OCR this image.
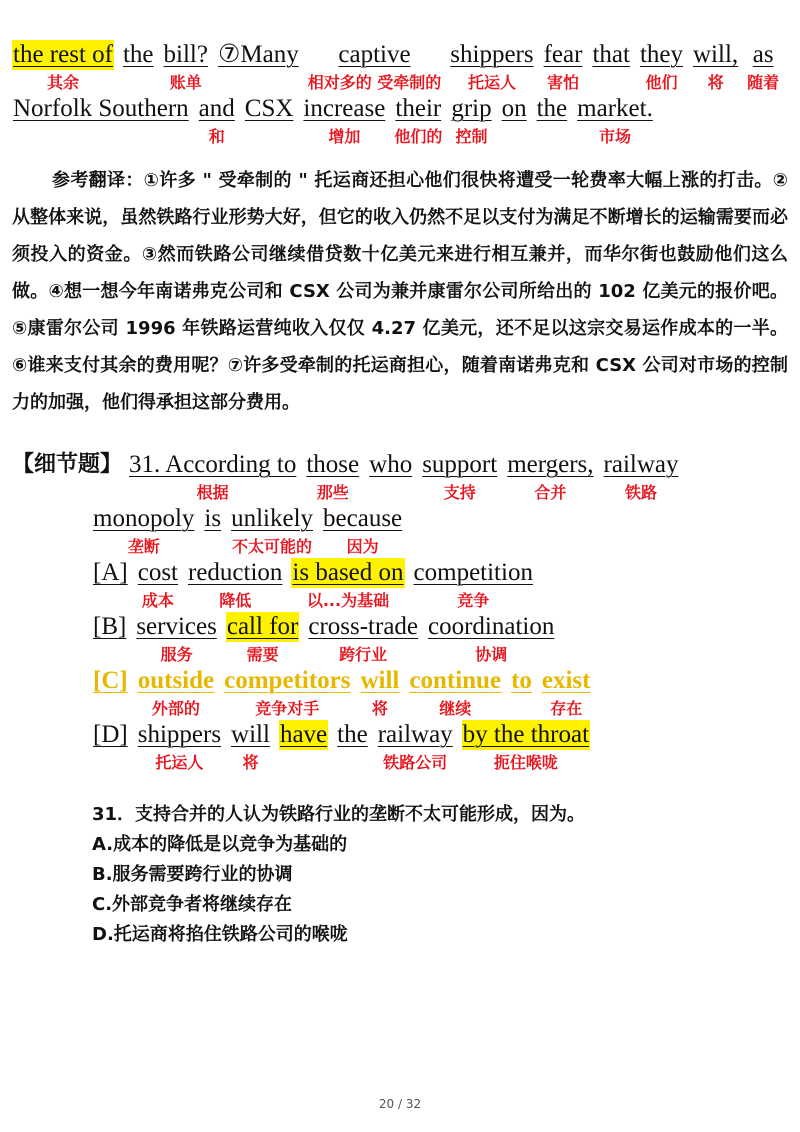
the rest of
其余
the bill?
账单
⑦Many captive
相对多的 受牵制的
shippers
托运人
fear
害怕
that they
他们
will,
将
as
随着
Norfolk Southern and
和
CSX increase
增加
their
他们的
grip
控制
on the market.
市场

参考翻译：①许多 " 受牵制的 " 托运商还担心他们很快将遭受一轮费率大幅上涨的打击。②从整体来说，虽然铁路行业形势大好，但它的收入仍然不足以支付为满足不断增长的运输需要而必须投入的资金。③然而铁路公司继续借贷数十亿美元来进行相互兼并，而华尔街也鼓励他们这么做。④想一想今年南诺弗克公司和 CSX 公司为兼并康雷尔公司所给出的 102 亿美元的报价吧。⑤康雷尔公司 1996 年铁路运营纯收入仅仅 4.27 亿美元，还不足以这宗交易运作成本的一半。⑥谁来支付其余的费用呢？⑦许多受牵制的托运商担心，随着南诺弗克和 CSX 公司对市场的控制力的加强，他们得承担这部分费用。

【细节题】 31. According to
根据
those
那些
who support
支持
mergers,
合并
railway
铁路
monopoly
垄断
is unlikely
不太可能的
because
因为
[A] cost
成本
reduction
降低
is based on
以...为基础
competition
竞争
[B] services
服务
call for
需要
cross-trade
跨行业
coordination
协调
[C] outside
外部的
competitors
竞争对手
will
将
continue
继续
to exist
存在
[D] shippers
托运人
will
将
have the railway
铁路公司
by the throat
扼住喉咙
31．支持合并的人认为铁路行业的垄断不太可能形成，因为。
A.成本的降低是以竞争为基础的
B.服务需要跨行业的协调
C.外部竞争者将继续存在
D.托运商将掐住铁路公司的喉咙
20 / 32
